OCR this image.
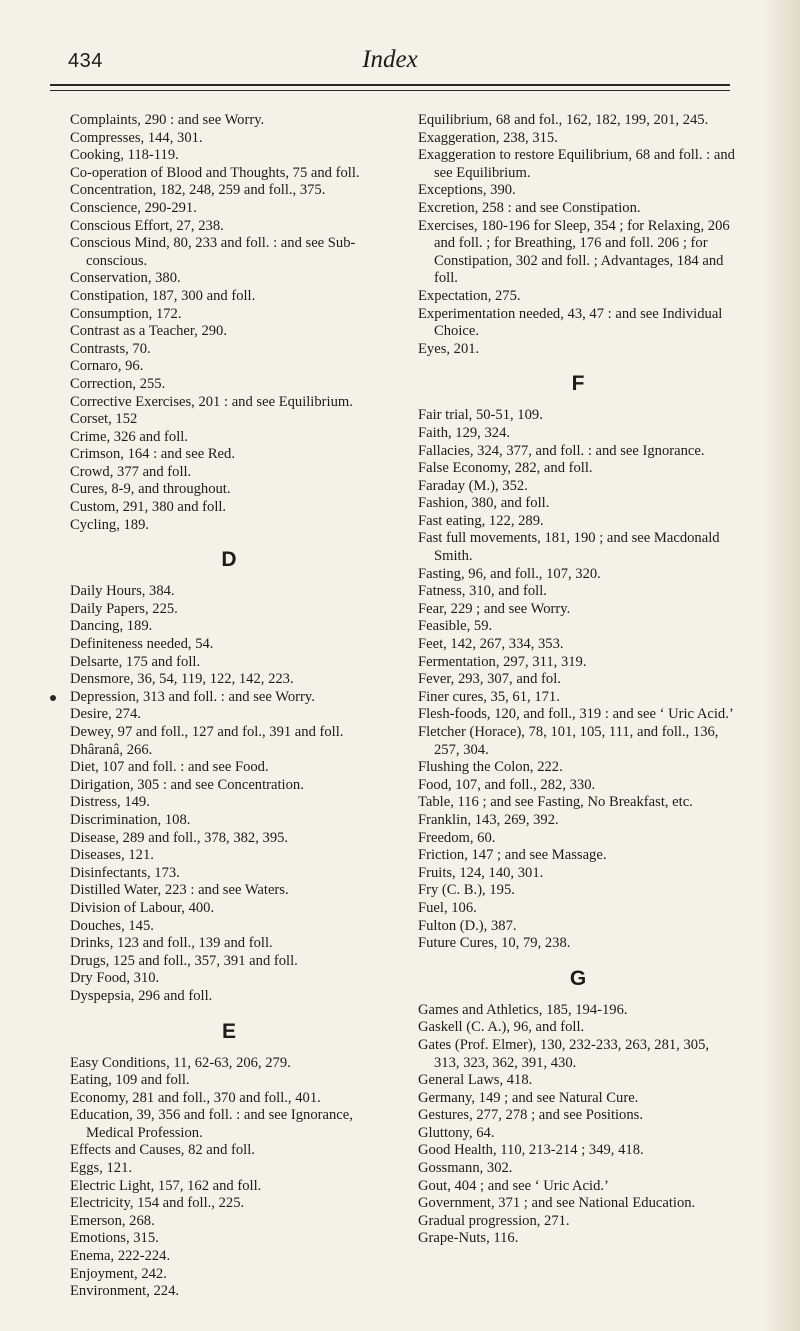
434	Index

Complaints, 290 : and see Worry.

Compresses, 144, 301.

Cooking, 118-119.

Co-operation of Blood and Thoughts, 75 and foll.

Concentration, 182, 248, 259 and foll., 375.

Conscience, 290-291.

Conscious Effort, 27, 238.

Conscious Mind, 80, 233 and foll. : and see Sub-conscious.

Conservation, 380.

Constipation, 187, 300 and foll.

Consumption, 172.

Contrast as a Teacher, 290.

Contrasts, 70.

Cornaro, 96.

Correction, 255.

Corrective Exercises, 201 : and see Equilibrium.

Corset, 152

Crime, 326 and foll.

Crimson, 164 : and see Red.

Crowd, 377 and foll.

Cures, 8-9, and throughout.

Custom, 291, 380 and foll.

Cycling, 189.

D

Daily Hours, 384.

Daily Papers, 225.

Dancing, 189.

Definiteness needed, 54.

Delsarte, 175 and foll.

Densmore, 36, 54, 119, 122, 142, 223.

Depression, 313 and foll. : and see Worry.

Desire, 274.

Dewey, 97 and foll., 127 and fol., 391 and foll.

Dhâranâ, 266.

Diet, 107 and foll. : and see Food.

Dirigation, 305 : and see Concentration.

Distress, 149.

Discrimination, 108.

Disease, 289 and foll., 378, 382, 395.

Diseases, 121.

Disinfectants, 173.

Distilled Water, 223 : and see Waters.

Division of Labour, 400.

Douches, 145.

Drinks, 123 and foll., 139 and foll.

Drugs, 125 and foll., 357, 391 and foll.

Dry Food, 310.

Dyspepsia, 296 and foll.

E

Easy Conditions, 11, 62-63, 206, 279.

Eating, 109 and foll.

Economy, 281 and foll., 370 and foll., 401.

Education, 39, 356 and foll. : and see Ignorance, Medical Profession.

Effects and Causes, 82 and foll.

Eggs, 121.

Electric Light, 157, 162 and foll.

Electricity, 154 and foll., 225.

Emerson, 268.

Emotions, 315.

Enema, 222-224.

Enjoyment, 242.

Environment, 224.

Equilibrium, 68 and fol., 162, 182, 199, 201, 245.

Exaggeration, 238, 315.

Exaggeration to restore Equilibrium, 68 and foll. : and see Equilibrium.

Exceptions, 390.

Excretion, 258 : and see Constipation.

Exercises, 180-196 for Sleep, 354 ; for Relaxing, 206 and foll. ; for Breathing, 176 and foll. 206 ; for Constipation, 302 and foll. ; Advantages, 184 and foll.

Expectation, 275.

Experimentation needed, 43, 47 : and see Individual Choice.

Eyes, 201.

F

Fair trial, 50-51, 109.

Faith, 129, 324.

Fallacies, 324, 377, and foll. : and see Ignorance.

False Economy, 282, and foll.

Faraday (M.), 352.

Fashion, 380, and foll.

Fast eating, 122, 289.

Fast full movements, 181, 190 ; and see Macdonald Smith.

Fasting, 96, and foll., 107, 320.

Fatness, 310, and foll.

Fear, 229 ; and see Worry.

Feasible, 59.

Feet, 142, 267, 334, 353.

Fermentation, 297, 311, 319.

Fever, 293, 307, and fol.

Finer cures, 35, 61, 171.

Flesh-foods, 120, and foll., 319 : and see ‘ Uric Acid.’

Fletcher (Horace), 78, 101, 105, 111, and foll., 136, 257, 304.

Flushing the Colon, 222.

Food, 107, and foll., 282, 330.

Table, 116 ; and see Fasting, No Breakfast, etc.

Franklin, 143, 269, 392.

Freedom, 60.

Friction, 147 ; and see Massage.

Fruits, 124, 140, 301.

Fry (C. B.), 195.

Fuel, 106.

Fulton (D.), 387.

Future Cures, 10, 79, 238.

G

Games and Athletics, 185, 194-196.

Gaskell (C. A.), 96, and foll.

Gates (Prof. Elmer), 130, 232-233, 263, 281, 305, 313, 323, 362, 391, 430.

General Laws, 418.

Germany, 149 ; and see Natural Cure.

Gestures, 277, 278 ; and see Positions.

Gluttony, 64.

Good Health, 110, 213-214 ; 349, 418.

Gossmann, 302.

Gout, 404 ; and see ‘ Uric Acid.’

Government, 371 ; and see National Education.

Gradual progression, 271.

Grape-Nuts, 116.
